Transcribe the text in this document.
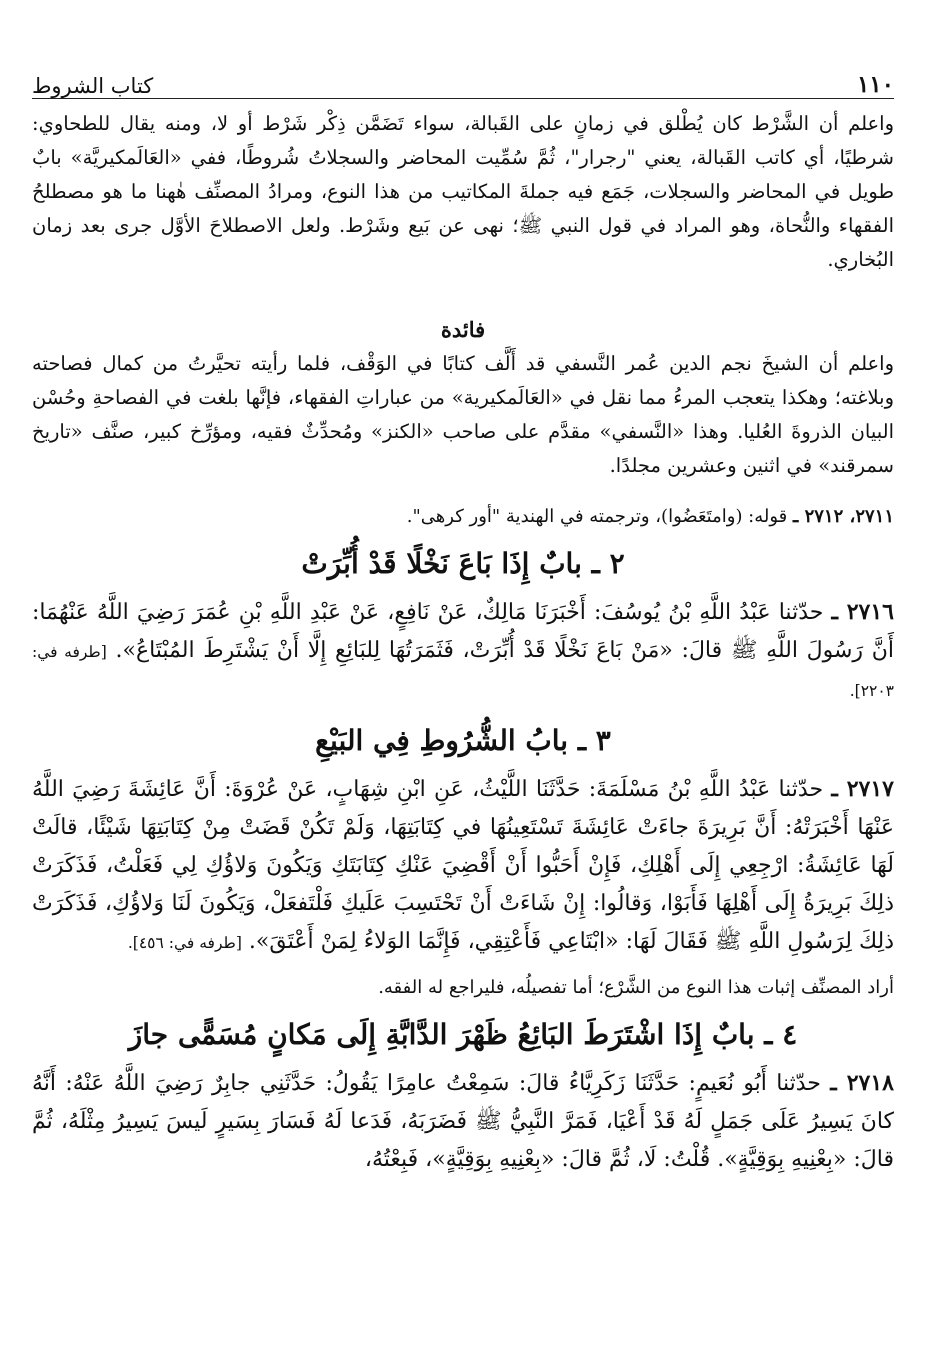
١١٠
كتاب الشروط

واعلم أن الشَّرْط كان يُطْلق في زمانٍ على القَبالة، سواء تَضَمَّن ذِكْر شَرْط أو لا، ومنه يقال للطحاوي: شرطيًا، أي كاتب القَبالة، يعني "رجرار"، ثُمَّ سُمِّيت المحاضر والسجلاتُ شُروطًا، ففي «العَالَمكيريَّة» بابٌ طويل في المحاضر والسجلات، جَمَع فيه جملةَ المكاتيب من هذا النوع، ومرادُ المصنِّف هٰهنا ما هو مصطلحُ الفقهاء والنُّحاة، وهو المراد في قول النبي ﷺ؛ نهى عن بَيع وشَرْط. ولعل الاصطلاحَ الأوَّل جرى بعد زمان البُخاري.

فائدة

واعلم أن الشيخَ نجم الدين عُمر النَّسفي قد أَلَّف كتابًا في الوَقْف، فلما رأيته تحيَّرتُ من كمال فصاحته وبلاغته؛ وهكذا يتعجب المرءُ مما نقل في «العَالَمكيرية» من عباراتِ الفقهاء، فإنَّها بلغت في الفصاحةِ وحُسْن البيان الذروةَ العُليا. وهذا «النَّسفي» مقدَّم على صاحب «الكنز» ومُحدِّثٌ فقيه، ومؤرِّخ كبير، صنَّف «تاريخ سمرقند» في اثنين وعشرين مجلدًا.

٢٧١١، ٢٧١٢ ـ قوله: (وامتَعَضُوا)، وترجمته في الهندية "أور كرهى".

٢ ـ بابٌ إِذَا بَاعَ نَخْلًا قَدْ أُبِّرَتْ

٢٧١٦ ـ حدّثنا عَبْدُ اللَّهِ بْنُ يُوسُفَ: أَخْبَرَنَا مَالِكٌ، عَنْ نَافِعٍ، عَنْ عَبْدِ اللَّهِ بْنِ عُمَرَ رَضِيَ اللَّهُ عَنْهُمَا: أَنَّ رَسُولَ اللَّهِ ﷺ قالَ: «مَنْ بَاعَ نَخْلًا قَدْ أُبِّرَتْ، فَثَمَرَتُهَا لِلبَائِعِ إِلَّا أَنْ يَشْتَرِطَ المُبْتَاعُ». [طرفه في: ٢٢٠٣].

٣ ـ بابُ الشُّرُوطِ فِي البَيْعِ

٢٧١٧ ـ حدّثنا عَبْدُ اللَّهِ بْنُ مَسْلَمَةَ: حَدَّثَنَا اللَّيْثُ، عَنِ ابْنِ شِهَابٍ، عَنْ عُرْوَةَ: أَنَّ عَائِشَةَ رَضِيَ اللَّهُ عَنْهَا أَخْبَرَتْهُ: أَنَّ بَرِيرَةَ جاءَتْ عَائِشَةَ تَسْتَعِينُهَا في كِتَابَتِهَا، وَلَمْ تَكُنْ قَضَتْ مِنْ كِتَابَتِهَا شَيْئًا، قالَتْ لَهَا عَائِشَةُ: ارْجِعِي إِلَى أَهْلِكِ، فَإِنْ أَحَبُّوا أَنْ أَقْضِيَ عَنْكِ كِتَابَتَكِ وَيَكُونَ وَلاؤُكِ لِي فَعَلْتُ، فَذَكَرَتْ ذلِكَ بَرِيرَةُ إِلَى أَهْلِهَا فَأَبَوْا، وَقالُوا: إِنْ شَاءَتْ أَنْ تَحْتَسِبَ عَلَيكِ فَلْتَفعَلْ، وَيَكُونَ لَنَا وَلاؤُكِ، فَذَكَرَتْ ذلِكَ لِرَسُولِ اللَّهِ ﷺ فَقَالَ لَهَا: «ابْتَاعِي فَأَعْتِقِي، فَإِنَّمَا الوَلاءُ لِمَنْ أَعْتَقَ». [طرفه في: ٤٥٦].

أراد المصنِّف إثبات هذا النوع من الشَّرْع؛ أما تفصيلُه، فليراجع له الفقه.

٤ ـ بابٌ إِذَا اشْتَرَطَ البَائِعُ ظَهْرَ الدَّابَّةِ إِلَى مَكانٍ مُسَمًّى جازَ

٢٧١٨ ـ حدّثنا أَبُو نُعَيمٍ: حَدَّثَنَا زَكَرِيَّاءُ قالَ: سَمِعْتُ عامِرًا يَقُولُ: حَدَّثَنِي جابِرٌ رَضِيَ اللَّهُ عَنْهُ: أَنَّهُ كانَ يَسِيرُ عَلَى جَمَلٍ لَهُ قَدْ أَعْيَا، فَمَرَّ النَّبِيُّ ﷺ فَضَرَبَهُ، فَدَعا لَهُ فَسَارَ بِسَيرٍ لَيسَ يَسِيرُ مِثْلَهُ، ثُمَّ قالَ: «بِعْنِيهِ بِوَقِيَّةٍ». قُلْتُ: لَا، ثُمَّ قالَ: «بِعْنِيهِ بِوَقِيَّةٍ»، فَبِعْتُهُ،
